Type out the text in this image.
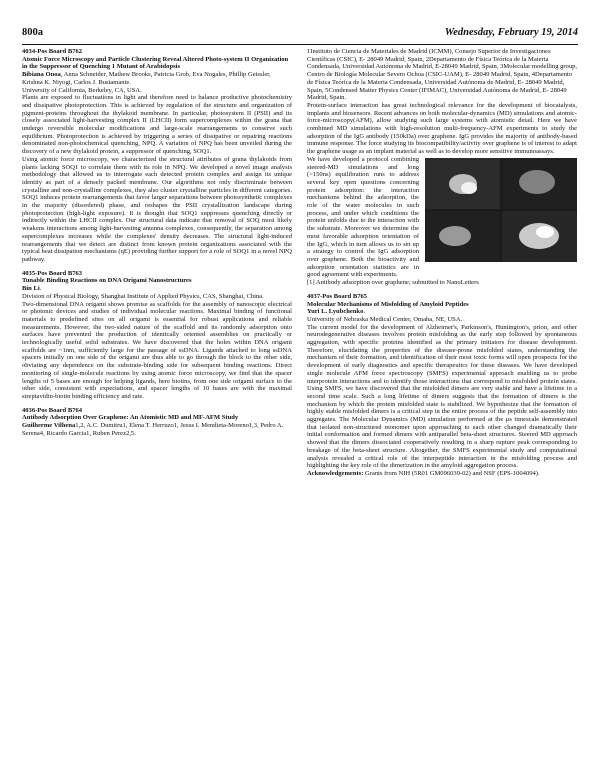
800a	Wednesday, February 19, 2014

4034-Pos Board B762

Atomic Force Microscopy and Particle Clustering Reveal Altered Photo-system II Organization in the Suppressor of Quenching 1 Mutant of Arabidopsis

Bibiana Onoa, Anna Schneider, Mathew Brooks, Patricia Grob, Eva Nogales, Phillip Geissler, Krishna K. Niyogi, Carlos J. Bustamante.

University of California, Berkeley, CA, USA.

Plants are exposed to fluctuations in light and therefore need to balance productive photochemistry and dissipative photoprotection. This is achieved by regulation of the structure and organization of pigment-proteins throughout the thylakoid membrane. In particular, photosystem II (PSII) and its closely associated light-harvesting complex II (LHCII) form supercomplexes within the grana that undergo reversible molecular modifications and large-scale rearrangements to conserve such equilibrium. Photoprotection is achieved by triggering a series of dissipative or repairing reactions denominated non-photochemical quenching, NPQ. A variation of NPQ has been unveiled during the discovery of a new thylakoid protein, a suppressor of quenching, SOQ1.

Using atomic force microscopy, we characterized the structural attributes of grana thylakoids from plants lacking SOQ1 to correlate them with its role in NPQ. We developed a novel image analysis methodology that allowed us to interrogate each detected protein complex and assign its unique identity as part of a densely packed membrane. Our algorithms not only discriminate between crystalline and non-crystalline complexes, they also cluster crystalline particles in different categories. SOQ1 induces protein rearrangements that favor larger separations between photosynthetic complexes in the majority (disordered) phase, and reshapes the PSII crystallization landscape during photoprotection (high-light exposure). It is thought that SOQ1 suppresses quenching directly or indirectly within the LHCII complex. Our structural data indicate that removal of SOQ most likely weakens interactions among light-harvesting antenna complexes, consequently, the separation among supercomplexes increases while the complexes' density decreases. The structural light-induced rearrangements that we detect are distinct from known protein organizations associated with the typical heat dissipation mechanisms (qE) providing further support for a role of SOQ1 in a novel NPQ pathway.

4035-Pos Board B763

Tunable Binding Reactions on DNA Origami Nanostructures

Bin Li.

Division of Physical Biology, Shanghai Institute of Applied Physics, CAS, Shanghai, China.

Two-dimensional DNA origami shows promise as scaffolds for the assembly of nanoscopic electrical or photonic devices and studies of individual molecular reactions. Maximal binding of functional materials to predefined sites on all origami is essential for robust applications and reliable measurements. However, the two-sided nature of the scaffold and its randomly adsorption onto surfaces have prevented the production of identically oriented assemblies on practically or technologically useful solid substrates. We have discovered that the holes within DNA origami scaffolds are ~1nm, sufficiently large for the passage of ssDNA. Ligands attached to long ssDNA spacers initially on one side of the origami are thus able to go through the block to the other side, obviating any dependence on the substrate-binding side for subsequent binding reactions. Direct monitoring of single-molecule reactions by using atomic force microscopy, we find that the spacer lengths of 5 bases are enough for helping ligands, here biotins, from one side origami surface to the other side, consistent with expectations, and spacer lengths of 10 bases are with the maximal streptavidin-biotin binding efficiency and rate.

4036-Pos Board B764

Antibody Adsorption Over Graphene: An Atomistic MD and MF-AFM Study

Guilherme Vilhena1,2, A.C. Dumitru1, Elena T. Herruzo1, Jesus I. Mendieta-Moreno1,3, Pedro A. Serena4, Ricardo Garcia1, Ruben Perez2,5.

1Instituto de Ciencia de Materiales de Madrid (ICMM), Consejo Superior de Investigaciones Científicas (CSIC), E- 28049 Madrid, Spain, 2Departamento de Física Teórica de la Materia Condensada, Universidad Autónoma de Madrid, E-28049 Madrid, Spain, 3Molecular modelling group, Centro de Biología Molecular Severo Ochoa (CSIC-UAM), E- 28049 Madrid, Spain, 4Departamento de Física Teórica de la Materia Condensada, Universidad Autónoma de Madrid, E- 28049 Madrid, Spain, 5Condensed Matter Physics Center (IFIMAC), Universidad Autónoma de Madrid, E- 28049 Madrid, Spain.

Protein-surface interaction has great technological relevance for the development of biocatalysts, implants and biosensors. Recent advances on both molecular-dynamics (MD) simulations and atomic-force-microscopy(AFM), allow studying such large systems with atomistic detail. Here we have combined MD simulations with high-resolution multi-frequency-AFM experiments to study the adsorption of the IgG antibody (150kDa) over graphene. IgG provides the majority of antibody-based immune response. The force studying its biocompatibility/activity over graphene is of interest to adapt the graphene usage as an implant material as well as to develop more sensitive immunoassays.

We have developed a protocol combining steered-MD simulations and long (>150ns) equilibration runs to address several key open questions concerning protein adsorption: the interaction mechanisms behind the adsorption, the role of the water molecules in such process, and under which conditions the protein unfolds due to the interaction with the substrate. Moreover we determine the most favorable adsorption orientation of the IgG, which in turn allows us to set up a strategy to control the IgG adsorption over graphene. Both the bioactivity and adsorption orientation statistics are in good agreement with experiments.

[1] Antibody adsorption over graphene; submitted to NanoLetters

4037-Pos Board B765

Molecular Mechanisms of Misfolding of Amyloid Peptides

Yuri L. Lyubchenko.

University of Nebraska Medical Center, Omaha, NE, USA.

The current model for the development of Alzheimer's, Parkinson's, Huntington's, prion, and other neurodegenerative diseases involves protein misfolding as the early step followed by spontaneous aggregation, with specific proteins identified as the primary initiators for disease development. Therefore, elucidating the properties of the disease-prone misfolded states, understanding the mechanism of their formation, and identification of their most toxic forms will open prospects for the development of early diagnostics and specific therapeutics for these diseases. We have developed single molecule AFM force spectroscopy (SMFS) experimental approach enabling us to probe interprotein interactions and to identify those interactions that correspond to misfolded protein states. Using SMFS, we have discovered that the misfolded dimers are very stable and have a lifetime in a second time scale. Such a long lifetime of dimers suggests that the formation of dimers is the mechanism by which the protein misfolded state is stabilized. We hypothesize that the formation of highly stable misfolded dimers is a critical step in the entire process of the peptide self-assembly into aggregates. The Molecular Dynamics (MD) simulation performed at the μs timescale demonstrated that isolated non-structured monomer upon approaching to each other changed dramatically their initial conformation and formed dimers with antiparallel beta-sheet structures. Steered MD approach showed that the dimers dissociated cooperatively resulting in a sharp rupture peak corresponding to breakage of the beta-sheet structure. Altogether, the SMFS experimental study and computational analysis revealed a critical role of the interpeptide interaction in the misfolding process and highlighting the key role of the dimerization in the amyloid aggregation process.

Acknowledgements: Grants from NIH (5R01 GM096039-02) and NSF (EPS-1004094).
